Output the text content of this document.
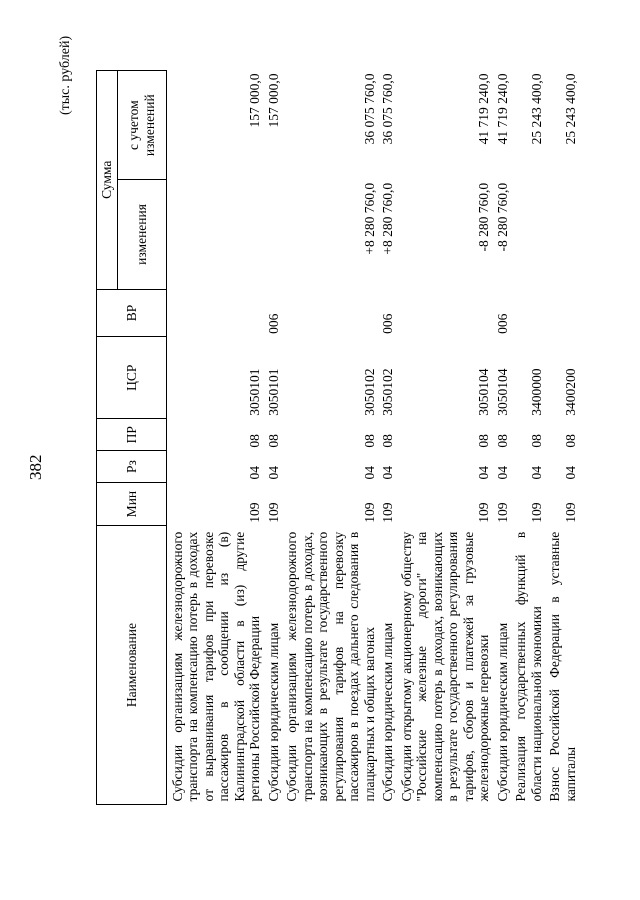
382
(тыс. рублей)
Наименование	Мин	Рз	ПР	ЦСР	ВР	Сумма	
						изменения	с учетом изменений
Субсидии организациям железнодорожного транспорта на компенсацию потерь в доходах от выравнивания тарифов при перевозке пассажиров в сообщении из (в) Калининградской области в (из) другие регионы Российской Федерации	109	04	08	3050101			157 000,0
Субсидии юридическим лицам	109	04	08	3050101	006		157 000,0
Субсидии организациям железнодорожного транспорта на компенсацию потерь в доходах, возникающих в результате государственного регулирования тарифов на перевозку пассажиров в поездах дальнего следования в плацкартных и общих вагонах	109	04	08	3050102		+8 280 760,0	36 075 760,0
Субсидии юридическим лицам	109	04	08	3050102	006	+8 280 760,0	36 075 760,0
Субсидии открытому акционерному обществу "Российские железные дороги" на компенсацию потерь в доходах, возникающих в результате государственного регулирования тарифов, сборов и платежей за грузовые железнодорожные перевозки	109	04	08	3050104		-8 280 760,0	41 719 240,0
Субсидии юридическим лицам	109	04	08	3050104	006	-8 280 760,0	41 719 240,0
Реализация государственных функций в области национальной экономики	109	04	08	3400000			25 243 400,0
Взнос Российской Федерации в уставные капиталы	109	04	08	3400200			25 243 400,0
